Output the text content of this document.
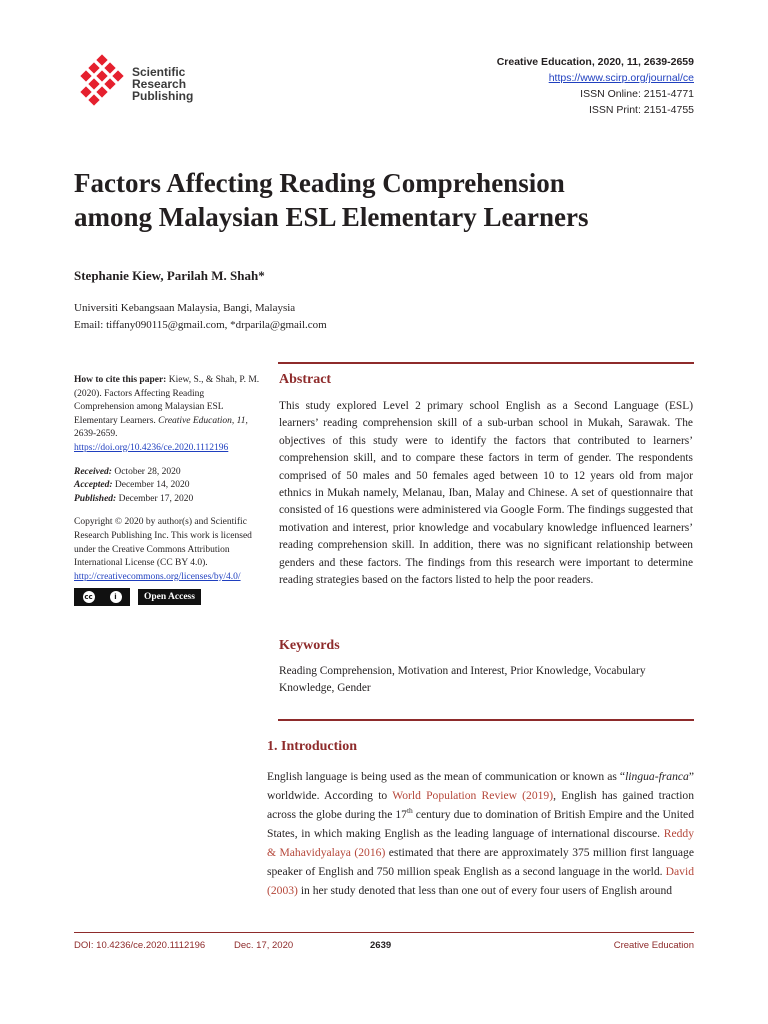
Scientific
Research
Publishing
Creative Education, 2020, 11, 2639-2659
https://www.scirp.org/journal/ce
ISSN Online: 2151-4771
ISSN Print: 2151-4755
Factors Affecting Reading Comprehension
among Malaysian ESL Elementary Learners
Stephanie Kiew, Parilah M. Shah*
Universiti Kebangsaan Malaysia, Bangi, Malaysia
Email: tiffany090115@gmail.com, *drparila@gmail.com
How to cite this paper: Kiew, S., & Shah, P. M. (2020). Factors Affecting Reading Comprehension among Malaysian ESL Elementary Learners. Creative Education, 11, 2639-2659.
https://doi.org/10.4236/ce.2020.1112196
Received: October 28, 2020
Accepted: December 14, 2020
Published: December 17, 2020
Copyright © 2020 by author(s) and Scientific Research Publishing Inc. This work is licensed under the Creative Commons Attribution International License (CC BY 4.0).
http://creativecommons.org/licenses/by/4.0/
cc	i	Open Access
Abstract
This study explored Level 2 primary school English as a Second Language (ESL) learners’ reading comprehension skill of a sub-urban school in Mukah, Sarawak. The objectives of this study were to identify the factors that contributed to learners’ comprehension skill, and to compare these factors in term of gender. The respondents comprised of 50 males and 50 females aged between 10 to 12 years old from major ethnics in Mukah namely, Melanau, Iban, Malay and Chinese. A set of questionnaire that consisted of 16 questions were administered via Google Form. The findings suggested that motivation and interest, prior knowledge and vocabulary knowledge influenced learners’ reading comprehension skill. In addition, there was no significant relationship between genders and these factors. The findings from this research were important to determine reading strategies based on the factors listed to help the poor readers.
Keywords
Reading Comprehension, Motivation and Interest, Prior Knowledge, Vocabulary Knowledge, Gender
1. Introduction
English language is being used as the mean of communication or known as “lingua-franca” worldwide. According to World Population Review (2019), English has gained traction across the globe during the 17th century due to domination of British Empire and the United States, in which making English as the leading language of international discourse. Reddy & Mahavidyalaya (2016) estimated that there are approximately 375 million first language speaker of English and 750 million speak English as a second language in the world. David (2003) in her study denoted that less than one out of every four users of English around
DOI: 10.4236/ce.2020.1112196	Dec. 17, 2020	2639	Creative Education
